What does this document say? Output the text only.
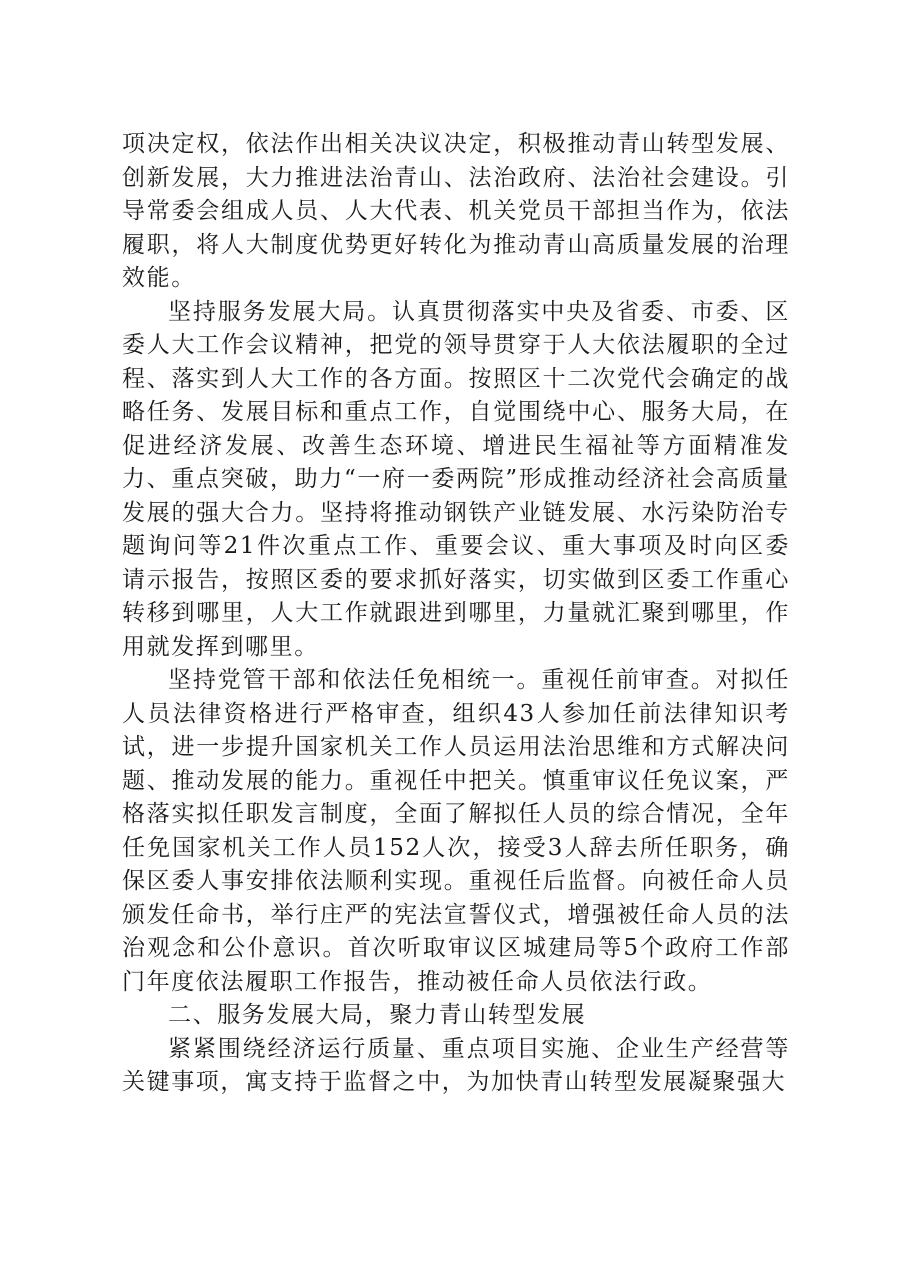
项决定权，依法作出相关决议决定，积极推动青山转型发展、创新发展，大力推进法治青山、法治政府、法治社会建设。引导常委会组成人员、人大代表、机关党员干部担当作为，依法履职，将人大制度优势更好转化为推动青山高质量发展的治理效能。

坚持服务发展大局。认真贯彻落实中央及省委、市委、区委人大工作会议精神，把党的领导贯穿于人大依法履职的全过程、落实到人大工作的各方面。按照区十二次党代会确定的战略任务、发展目标和重点工作，自觉围绕中心、服务大局，在促进经济发展、改善生态环境、增进民生福祉等方面精准发力、重点突破，助力“一府一委两院”形成推动经济社会高质量发展的强大合力。坚持将推动钢铁产业链发展、水污染防治专题询问等21件次重点工作、重要会议、重大事项及时向区委请示报告，按照区委的要求抓好落实，切实做到区委工作重心转移到哪里，人大工作就跟进到哪里，力量就汇聚到哪里，作用就发挥到哪里。

坚持党管干部和依法任免相统一。重视任前审查。对拟任人员法律资格进行严格审查，组织43人参加任前法律知识考试，进一步提升国家机关工作人员运用法治思维和方式解决问题、推动发展的能力。重视任中把关。慎重审议任免议案，严格落实拟任职发言制度，全面了解拟任人员的综合情况，全年任免国家机关工作人员152人次，接受3人辞去所任职务，确保区委人事安排依法顺利实现。重视任后监督。向被任命人员颁发任命书，举行庄严的宪法宣誓仪式，增强被任命人员的法治观念和公仆意识。首次听取审议区城建局等5个政府工作部门年度依法履职工作报告，推动被任命人员依法行政。

二、服务发展大局，聚力青山转型发展

紧紧围绕经济运行质量、重点项目实施、企业生产经营等关键事项，寓支持于监督之中，为加快青山转型发展凝聚强大
